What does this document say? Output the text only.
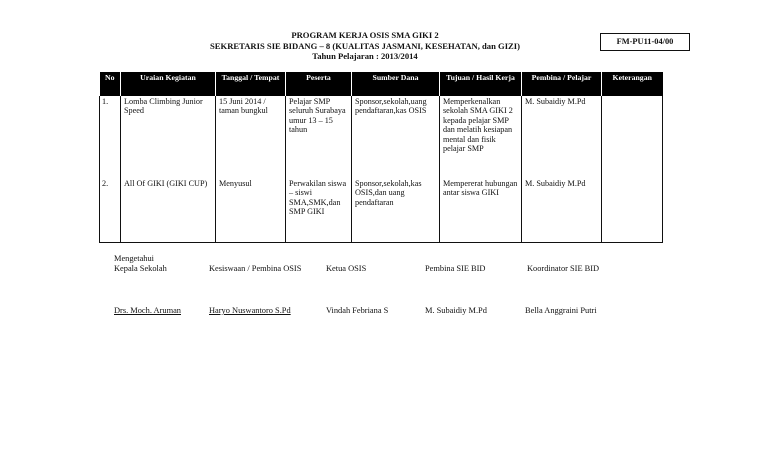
PROGRAM KERJA OSIS SMA GIKI 2
SEKRETARIS SIE BIDANG – 8 (KUALITAS JASMANI, KESEHATAN, dan GIZI)
Tahun Pelajaran : 2013/2014
FM-PU11-04/00
No	Uraian Kegiatan	Tanggal / Tempat	Peserta	Sumber Dana	Tujuan / Hasil Kerja	Pembina / Pelajar	Keterangan
1.	Lomba Climbing Junior Speed	15 Juni 2014 / taman bungkul	Pelajar SMP seluruh Surabaya umur 13 – 15 tahun	Sponsor,sekolah,uang pendaftaran,kas OSIS	Memperkenalkan sekolah SMA GIKI 2 kepada pelajar SMP dan melatih kesiapan mental dan fisik pelajar SMP	M. Subaidiy M.Pd	
2.	All Of GIKI (GIKI CUP)	Menyusul	Perwakilan siswa – siswi SMA,SMK,dan SMP GIKI	Sponsor,sekolah,kas OSIS,dan uang pendaftaran	Mempererat hubungan antar siswa GIKI	M. Subaidiy M.Pd	
Mengetahui
Kepala Sekolah	Kesiswaan / Pembina OSIS	Ketua OSIS	Pembina SIE BID	Koordinator SIE BID
Drs. Moch. Aruman	Haryo Nuswantoro S.Pd	Vindah Febriana S	M. Subaidiy M.Pd	Bella Anggraini Putri
